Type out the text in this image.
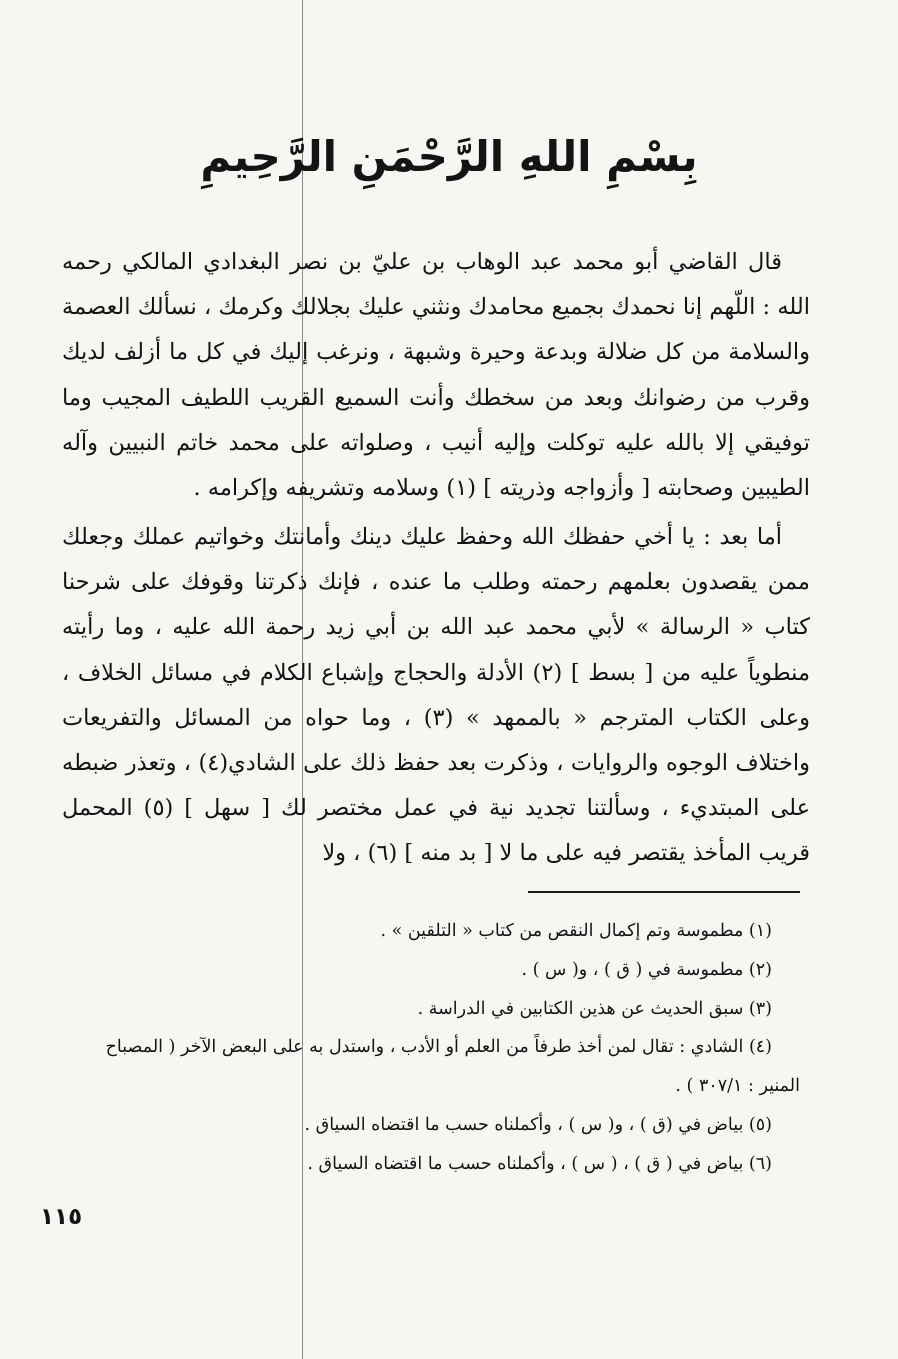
بِسْمِ اللهِ الرَّحْمَنِ الرَّحِيمِ

قال القاضي أبو محمد عبد الوهاب بن عليّ بن نصر البغدادي المالكي رحمه الله : اللّهم إنا نحمدك بجميع محامدك ونثني عليك بجلالك وكرمك ، نسألك العصمة والسلامة من كل ضلالة وبدعة وحيرة وشبهة ، ونرغب إليك في كل ما أزلف لديك وقرب من رضوانك وبعد من سخطك وأنت السميع القريب اللطيف المجيب وما توفيقي إلا بالله عليه توكلت وإليه أنيب ، وصلواته على محمد خاتم النبيين وآله الطيبين وصحابته [ وأزواجه وذريته ] (١) وسلامه وتشريفه وإكرامه .

أما بعد : يا أخي حفظك الله وحفظ عليك دينك وأمانتك وخواتيم عملك وجعلك ممن يقصدون بعلمهم رحمته وطلب ما عنده ، فإنك ذكرتنا وقوفك على شرحنا كتاب « الرسالة » لأبي محمد عبد الله بن أبي زيد رحمة الله عليه ، وما رأيته منطوياً عليه من [ بسط ] (٢) الأدلة والحجاج وإشباع الكلام في مسائل الخلاف ، وعلى الكتاب المترجم « بالممهد » (٣) ، وما حواه من المسائل والتفريعات واختلاف الوجوه والروايات ، وذكرت بعد حفظ ذلك على الشادي(٤) ، وتعذر ضبطه على المبتديء ، وسألتنا تجديد نية في عمل مختصر لك [ سهل ] (٥) المحمل قريب المأخذ يقتصر فيه على ما لا [ بد منه ] (٦) ، ولا

(١) مطموسة وتم إكمال النقص من كتاب « التلقين » .

(٢) مطموسة في ( ق ) ، و( س ) .

(٣) سبق الحديث عن هذين الكتابين في الدراسة .

(٤) الشادي : تقال لمن أخذ طرفاً من العلم أو الأدب ، واستدل به على البعض الآخر ( المصباح المنير : ٣٠٧/١ ) .

(٥) بياض في (ق ) ، و( س ) ، وأكملناه حسب ما اقتضاه السياق .

(٦) بياض في ( ق ) ، ( س ) ، وأكملناه حسب ما اقتضاه السياق .

١١٥
